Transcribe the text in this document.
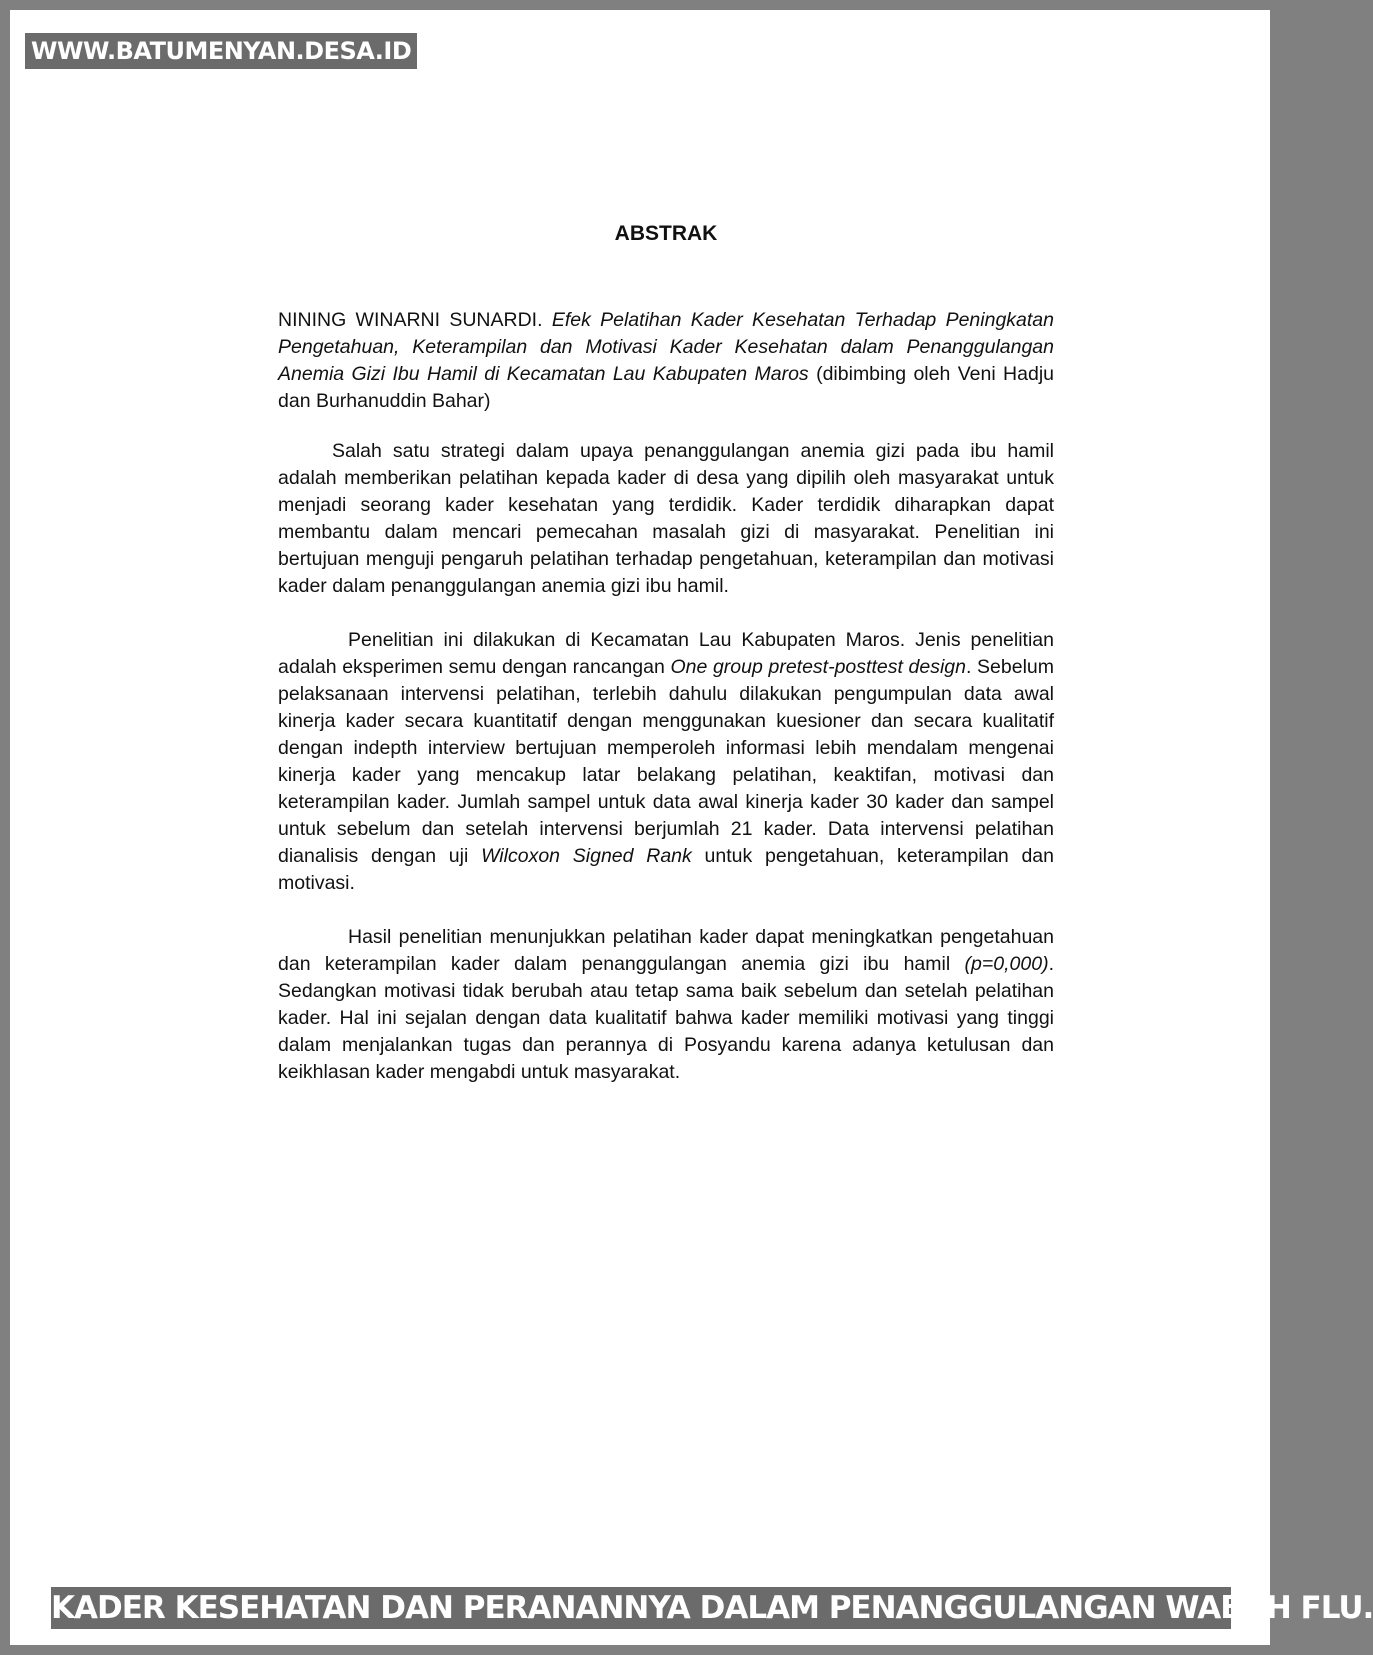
WWW.BATUMENYAN.DESA.ID
ABSTRAK
NINING WINARNI SUNARDI. Efek Pelatihan Kader Kesehatan Terhadap Peningkatan Pengetahuan, Keterampilan dan Motivasi Kader Kesehatan dalam Penanggulangan Anemia Gizi Ibu Hamil di Kecamatan Lau Kabupaten Maros (dibimbing oleh Veni Hadju dan Burhanuddin Bahar)

Salah satu strategi dalam upaya penanggulangan anemia gizi pada ibu hamil adalah memberikan pelatihan kepada kader di desa yang dipilih oleh masyarakat untuk menjadi seorang kader kesehatan yang terdidik. Kader terdidik diharapkan dapat membantu dalam mencari pemecahan masalah gizi di masyarakat. Penelitian ini bertujuan menguji pengaruh pelatihan terhadap pengetahuan, keterampilan dan motivasi kader dalam penanggulangan anemia gizi ibu hamil.

Penelitian ini dilakukan di Kecamatan Lau Kabupaten Maros. Jenis penelitian adalah eksperimen semu dengan rancangan One group pretest-posttest design. Sebelum pelaksanaan intervensi pelatihan, terlebih dahulu dilakukan pengumpulan data awal kinerja kader secara kuantitatif dengan menggunakan kuesioner dan secara kualitatif dengan indepth interview bertujuan memperoleh informasi lebih mendalam mengenai kinerja kader yang mencakup latar belakang pelatihan, keaktifan, motivasi dan keterampilan kader. Jumlah sampel untuk data awal kinerja kader 30 kader dan sampel untuk sebelum dan setelah intervensi berjumlah 21 kader. Data intervensi pelatihan dianalisis dengan uji Wilcoxon Signed Rank untuk pengetahuan, keterampilan dan motivasi.

Hasil penelitian menunjukkan pelatihan kader dapat meningkatkan pengetahuan dan keterampilan kader dalam penanggulangan anemia gizi ibu hamil (p=0,000). Sedangkan motivasi tidak berubah atau tetap sama baik sebelum dan setelah pelatihan kader. Hal ini sejalan dengan data kualitatif bahwa kader memiliki motivasi yang tinggi dalam menjalankan tugas dan perannya di Posyandu karena adanya ketulusan dan keikhlasan kader mengabdi untuk masyarakat.

KADER KESEHATAN DAN PERANANNYA DALAM PENANGGULANGAN WABAH FLU.
